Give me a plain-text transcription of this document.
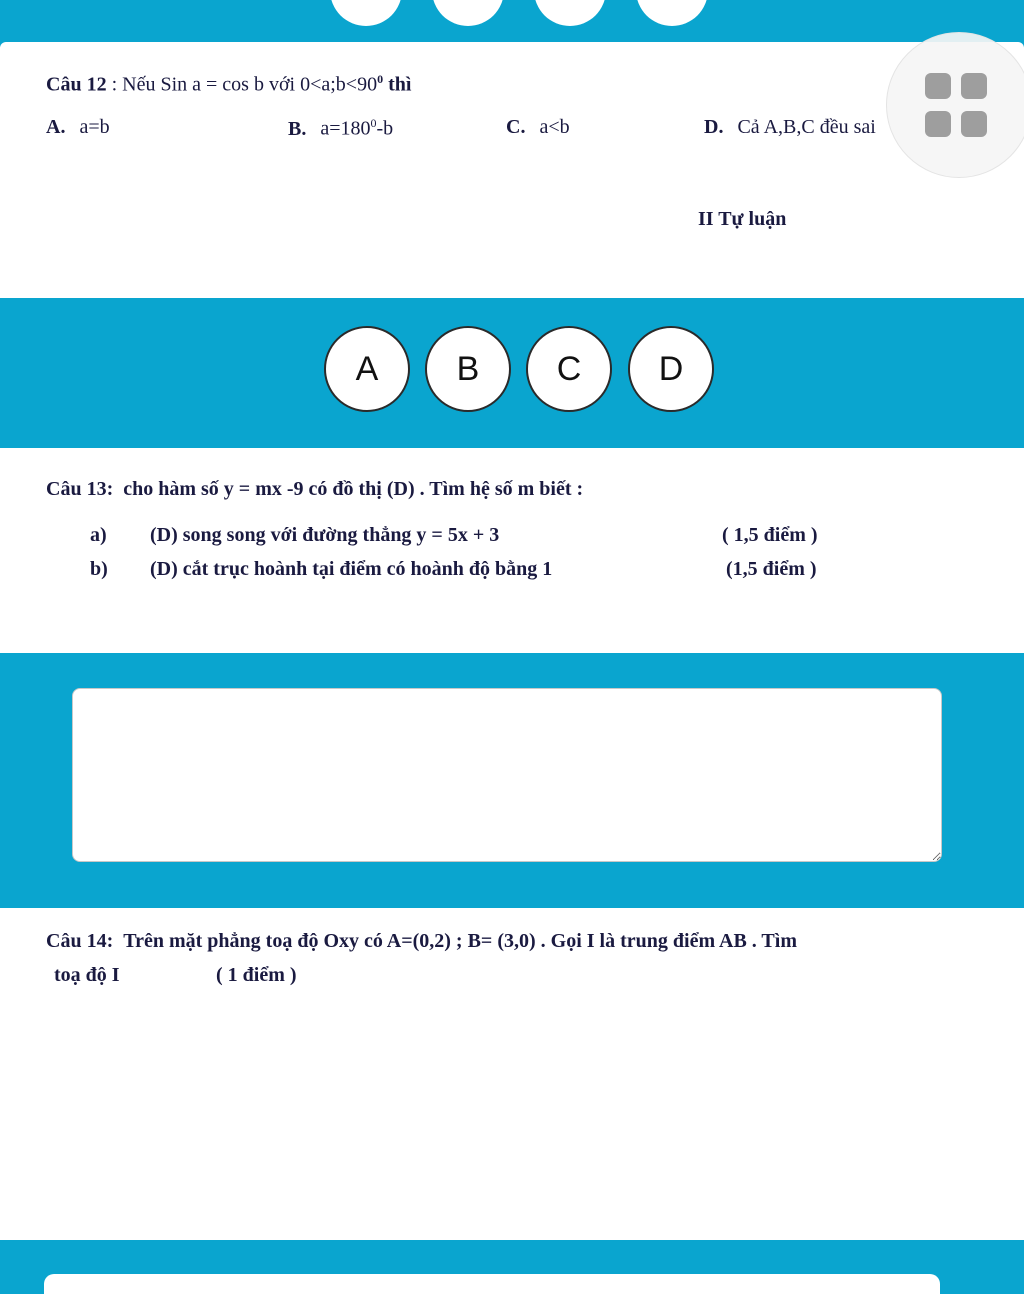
Câu 12 : Nếu Sin a = cos b với $0<a;b<90^0$ thì
A. a=b	B. $a=180^0-b$	C. a<b	D. Cả A,B,C đều sai
II Tự luận
A	B	C	D
Câu 13: cho hàm số y = mx -9 có đồ thị (D) . Tìm hệ số m biết :
a) (D) song song với đường thẳng y = 5x + 3	( 1,5 điểm )
b) (D) cắt trục hoành tại điểm có hoành độ bằng 1	(1,5 điểm )
Câu 14: Trên mặt phẳng toạ độ Oxy có A=(0,2) ; B= (3,0) . Gọi I là trung điểm AB . Tìm
toạ độ I	( 1 điểm )
